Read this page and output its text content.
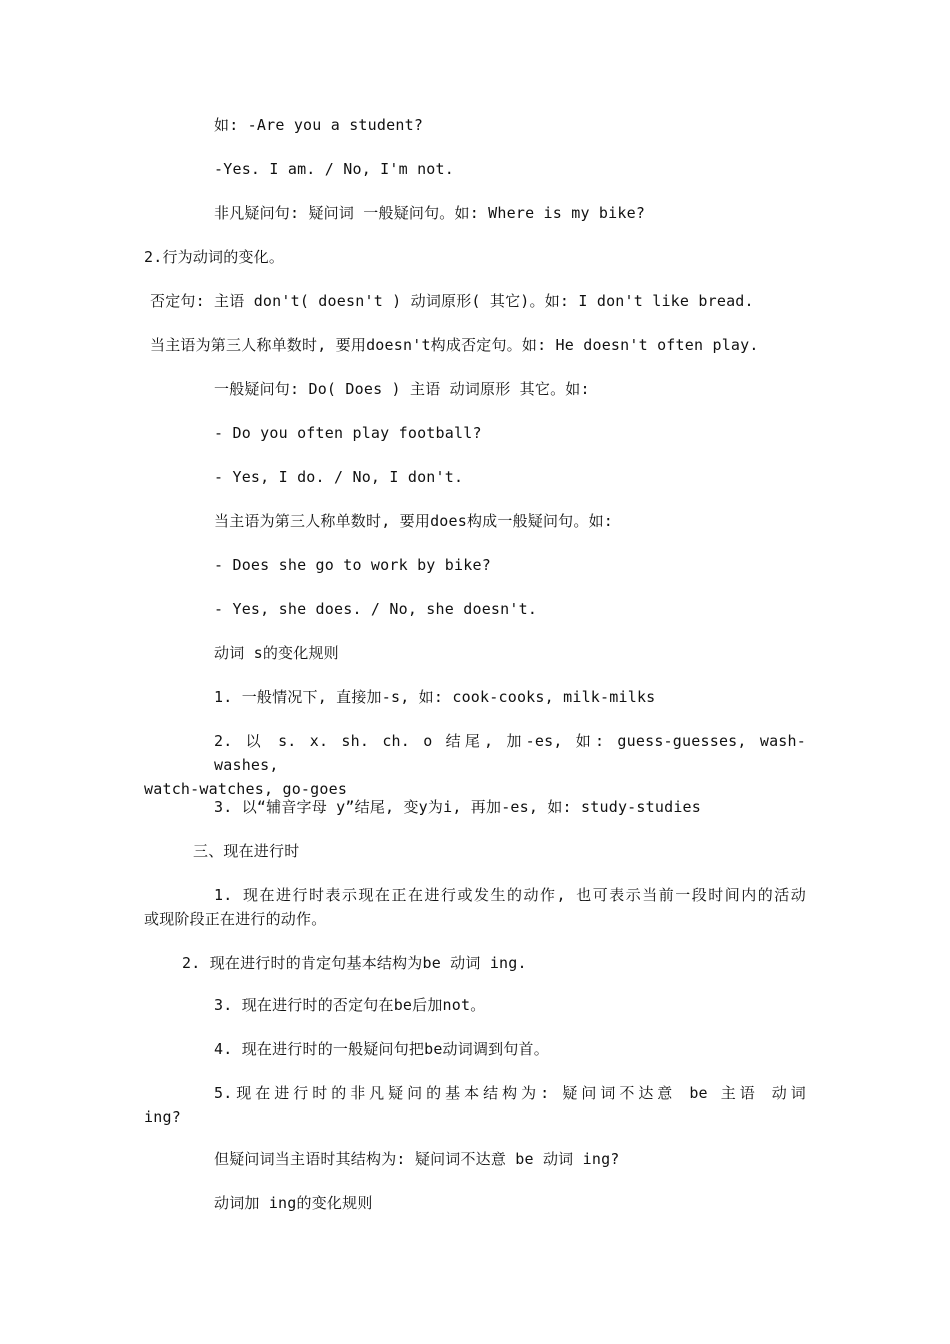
如: -Are you a student?
-Yes. I am. / No, I'm not.
非凡疑问句: 疑问词 一般疑问句。如: Where is my bike?
2.行为动词的变化。
否定句: 主语 don't( doesn't ) 动词原形( 其它)。如: I don't like bread.
当主语为第三人称单数时, 要用doesn't构成否定句。如: He doesn't often play.
一般疑问句: Do( Does ) 主语 动词原形 其它。如:
- Do you often play football?
- Yes, I do. / No, I don't.
当主语为第三人称单数时, 要用does构成一般疑问句。如:
- Does she go to work by bike?
- Yes, she does. / No, she doesn't.
动词 s的变化规则
1. 一般情况下, 直接加-s, 如: cook-cooks, milk-milks
2. 以 s. x. sh. ch. o 结尾, 加-es, 如: guess-guesses, wash-washes,
watch-watches, go-goes
3. 以“辅音字母 y”结尾, 变y为i, 再加-es, 如: study-studies
三、现在进行时
1. 现在进行时表示现在正在进行或发生的动作, 也可表示当前一段时间内的活动
或现阶段正在进行的动作。
2. 现在进行时的肯定句基本结构为be 动词 ing.
3. 现在进行时的否定句在be后加not。
4. 现在进行时的一般疑问句把be动词调到句首。
5.现在进行时的非凡疑问的基本结构为: 疑问词不达意 be 主语 动词
ing?
但疑问词当主语时其结构为: 疑问词不达意 be 动词 ing?
动词加 ing的变化规则
